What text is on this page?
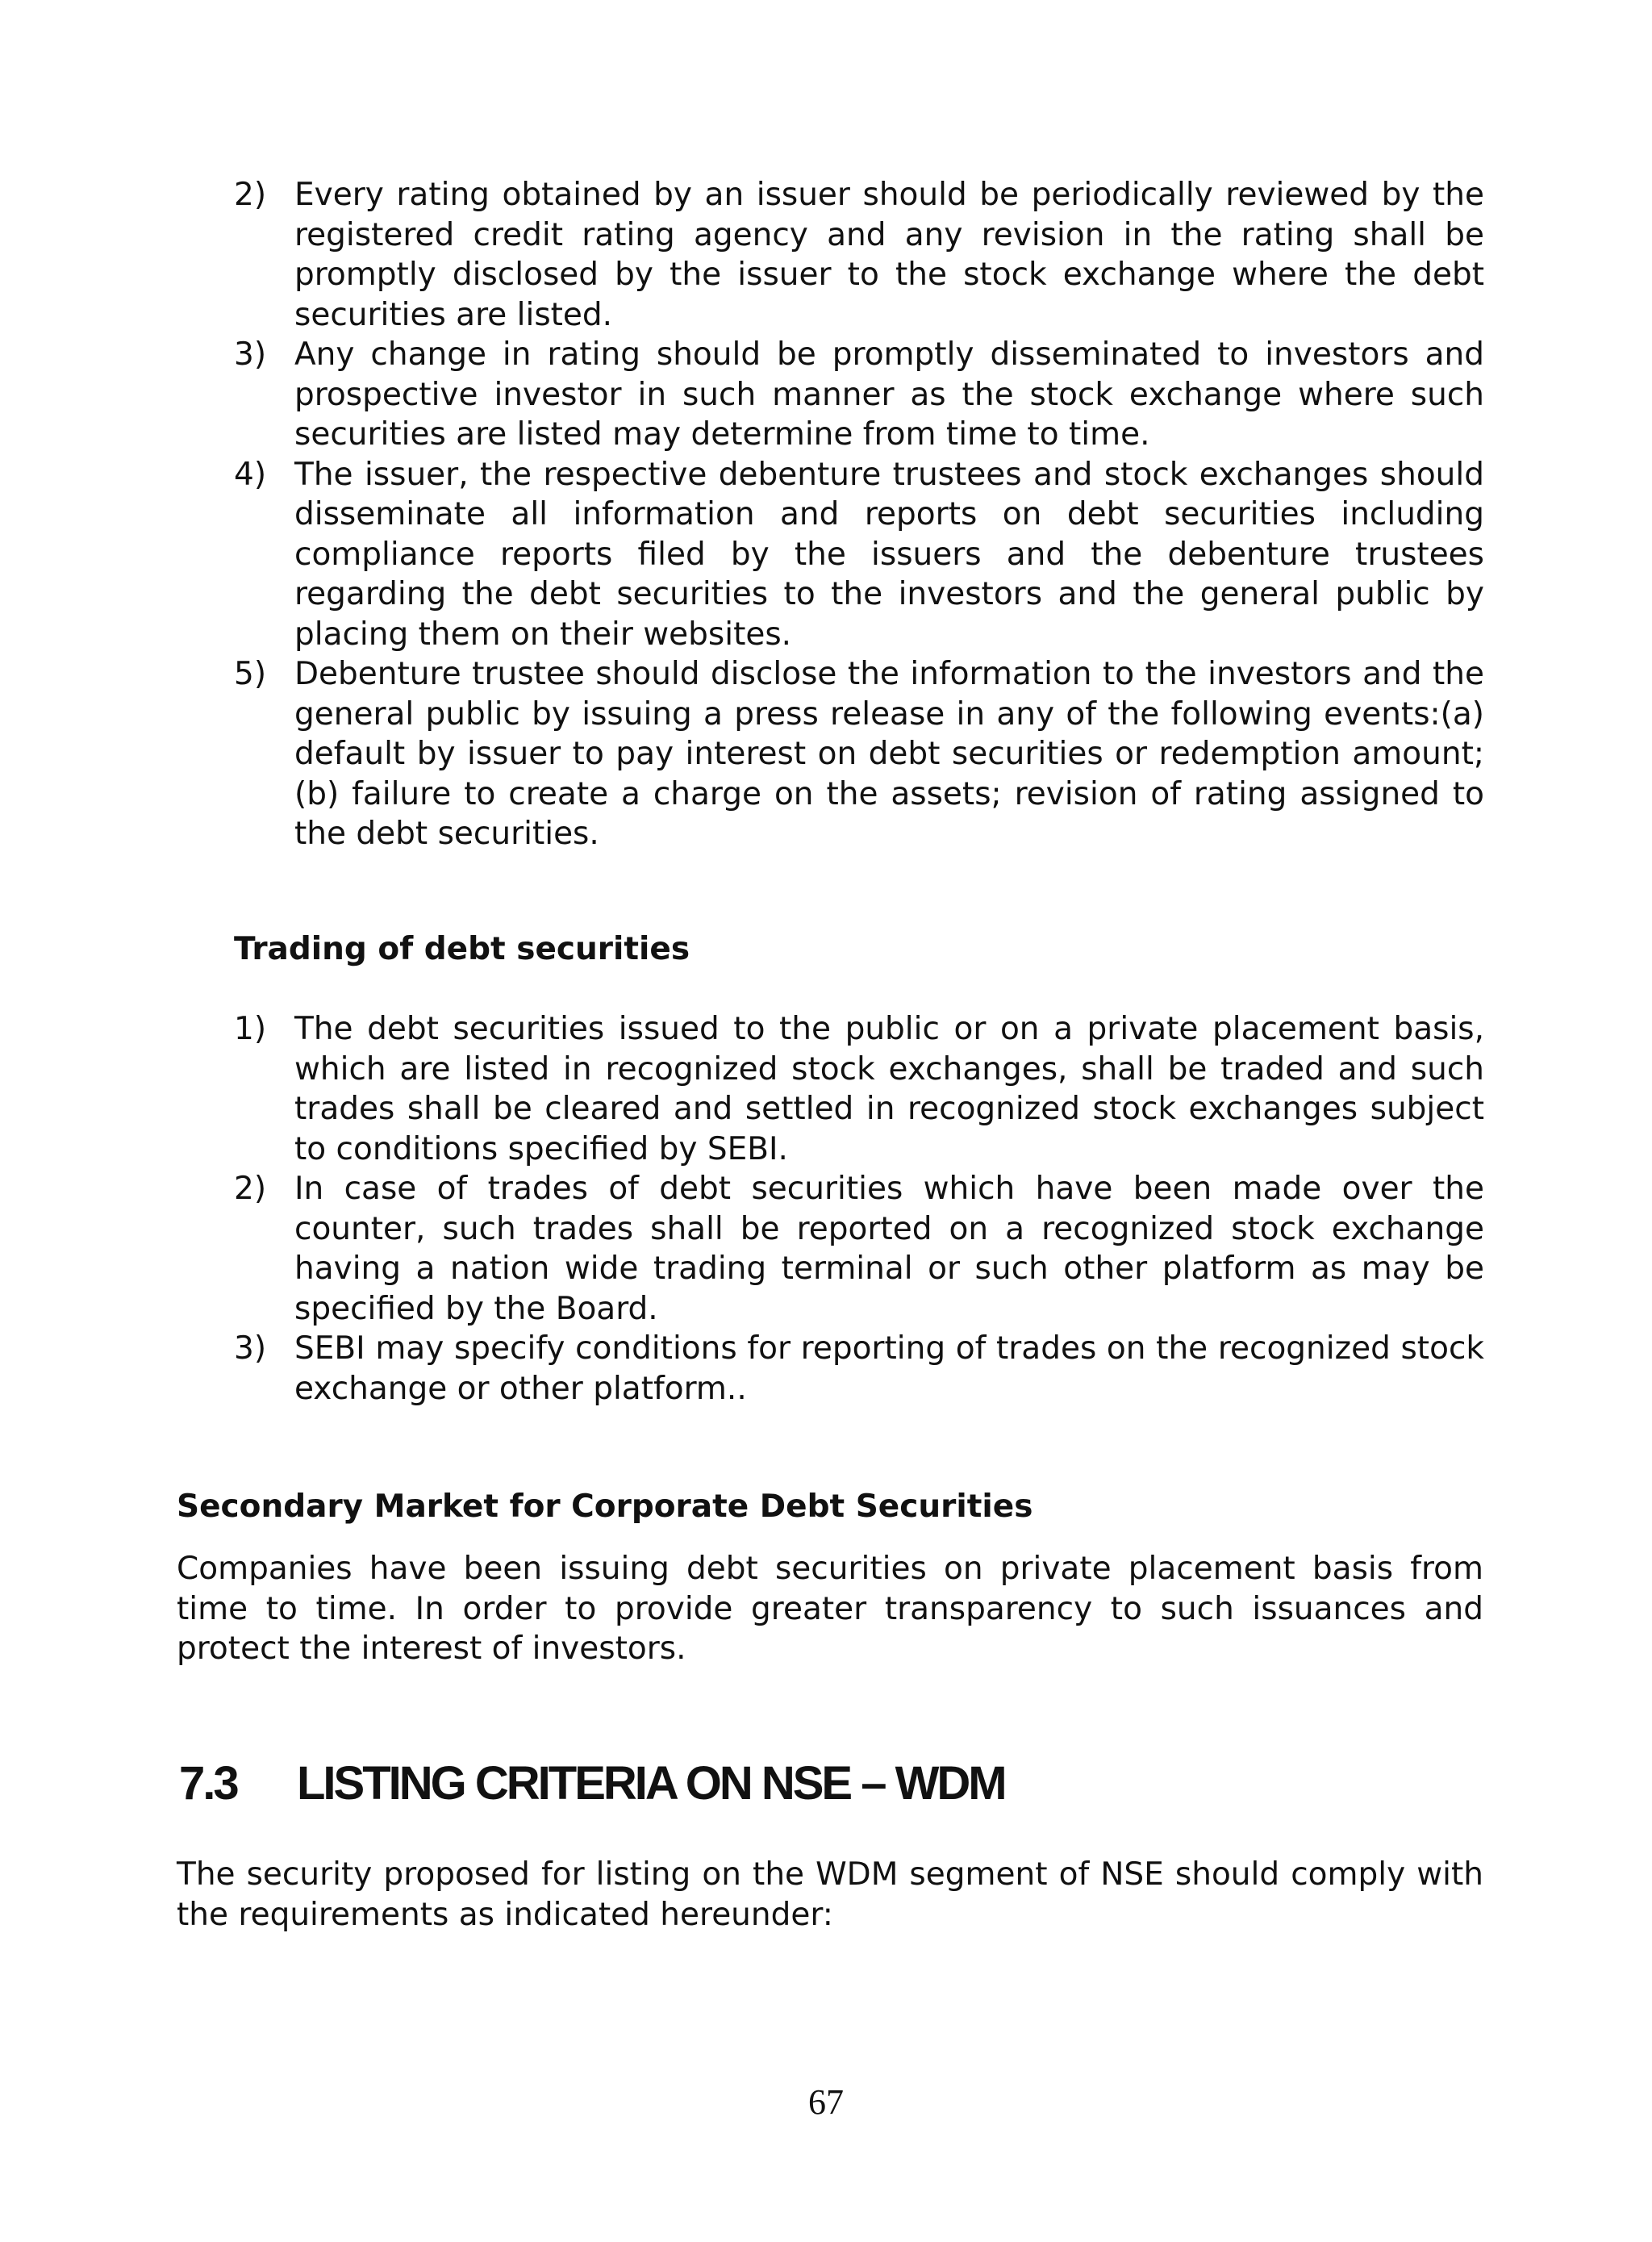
2) Every rating obtained by an issuer should be periodically reviewed by the registered credit rating agency and any revision in the rating shall be promptly disclosed by the issuer to the stock exchange where the debt securities are listed.
3) Any change in rating should be promptly disseminated to investors and prospective investor in such manner as the stock exchange where such securities are listed may determine from time to time.
4) The issuer, the respective debenture trustees and stock exchanges should disseminate all information and reports on debt securities including compliance reports filed by the issuers and the debenture trustees regarding the debt securities to the investors and the general public by placing them on their websites.
5) Debenture trustee should disclose the information to the investors and the general public by issuing a press release in any of the following events:(a) default by issuer to pay interest on debt securities or redemption amount; (b) failure to create a charge on the assets; revision of rating assigned to the debt securities.
Trading of debt securities
1) The debt securities issued to the public or on a private placement basis, which are listed in recognized stock exchanges, shall be traded and such trades shall be cleared and settled in recognized stock exchanges subject to conditions specified by SEBI.
2) In case of trades of debt securities which have been made over the counter, such trades shall be reported on a recognized stock exchange having a nation wide trading terminal or such other platform as may be specified by the Board.
3) SEBI may specify conditions for reporting of trades on the recognized stock exchange or other platform..
Secondary Market for Corporate Debt Securities

Companies have been issuing debt securities on private placement basis from time to time. In order to provide greater transparency to such issuances and protect the interest of investors.

7.3 LISTING CRITERIA ON NSE – WDM

The security proposed for listing on the WDM segment of NSE should comply with the requirements as indicated hereunder:

67
